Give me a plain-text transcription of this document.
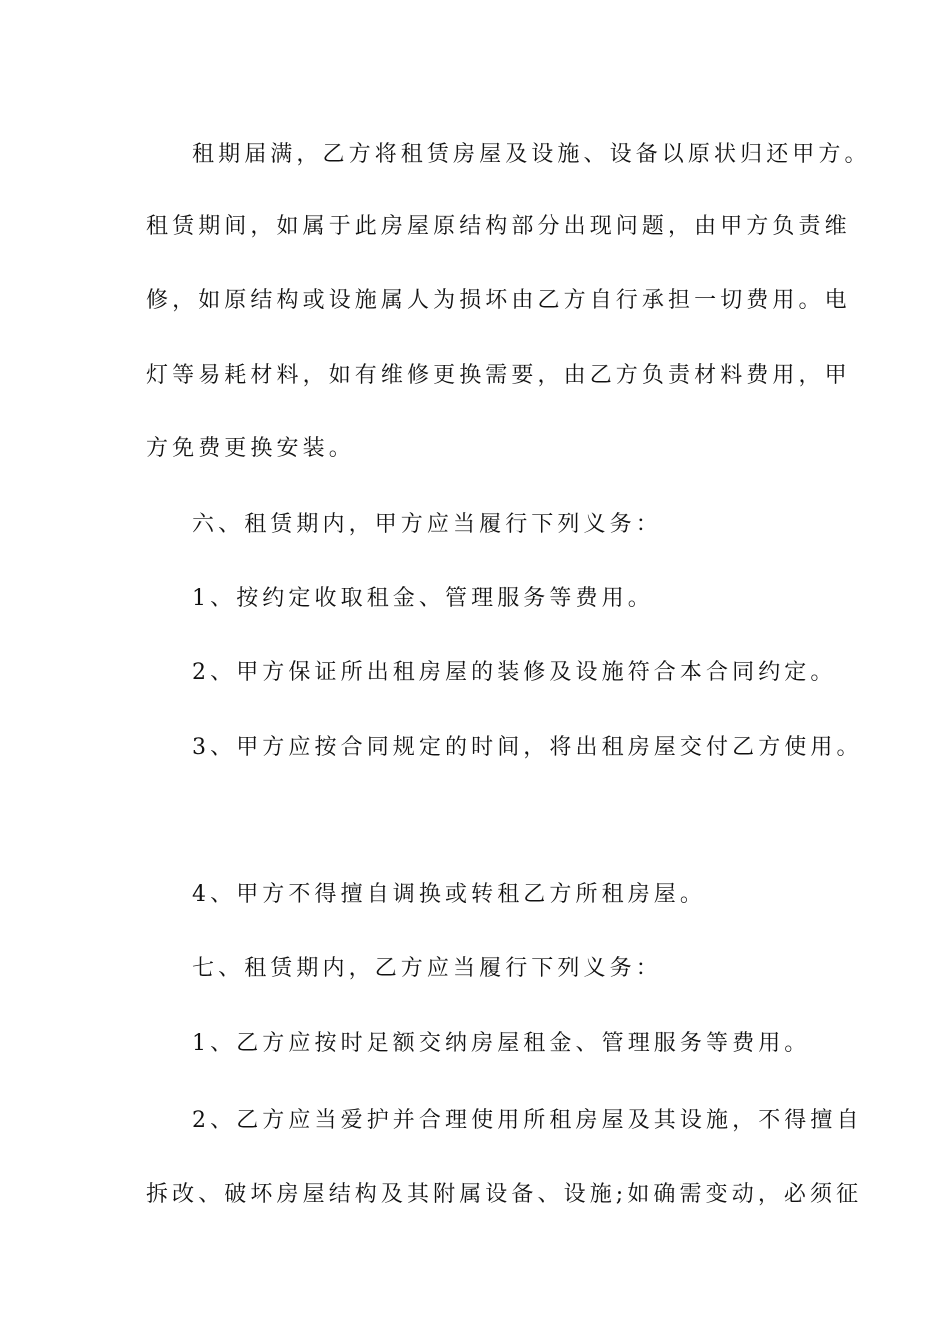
租期届满，乙方将租赁房屋及设施、设备以原状归还甲方。
租赁期间，如属于此房屋原结构部分出现问题，由甲方负责维
修，如原结构或设施属人为损坏由乙方自行承担一切费用。电
灯等易耗材料，如有维修更换需要，由乙方负责材料费用，甲
方免费更换安装。
六、租赁期内，甲方应当履行下列义务：
1、按约定收取租金、管理服务等费用。
2、甲方保证所出租房屋的装修及设施符合本合同约定。
3、甲方应按合同规定的时间，将出租房屋交付乙方使用。
4、甲方不得擅自调换或转租乙方所租房屋。
七、租赁期内，乙方应当履行下列义务：
1、乙方应按时足额交纳房屋租金、管理服务等费用。
2、乙方应当爱护并合理使用所租房屋及其设施，不得擅自
拆改、破坏房屋结构及其附属设备、设施;如确需变动，必须征
